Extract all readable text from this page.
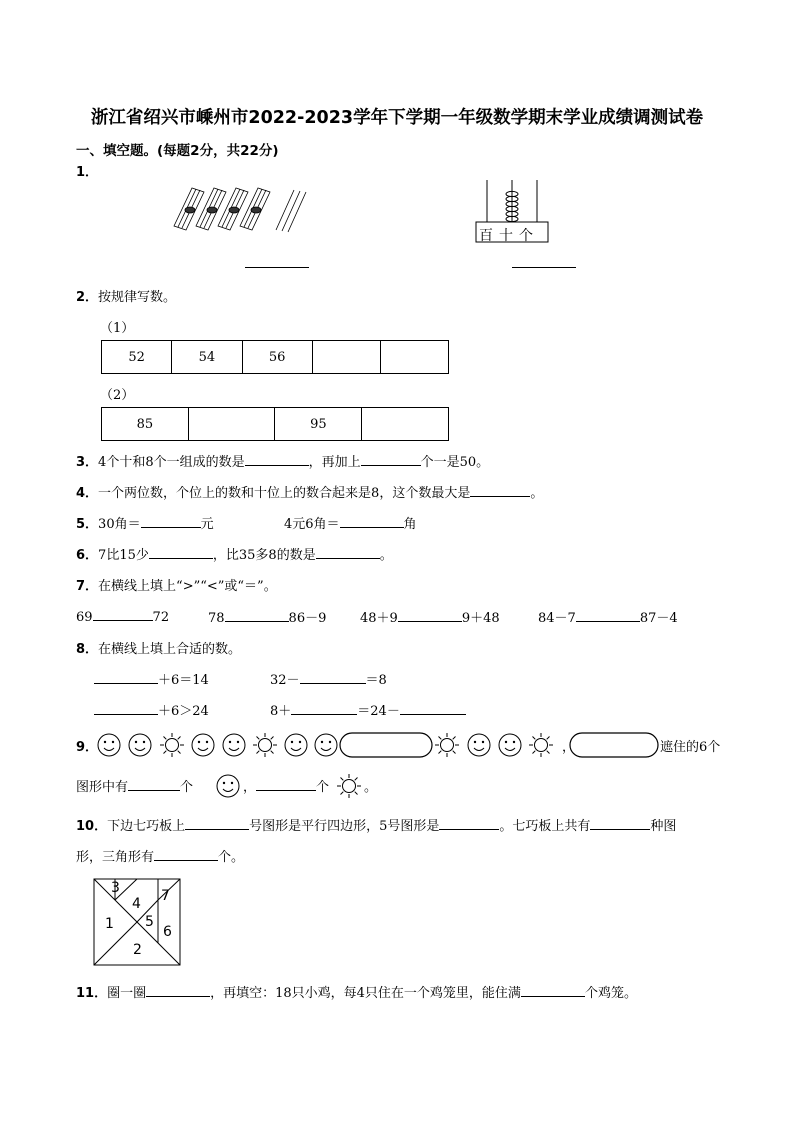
浙江省绍兴市嵊州市2022-2023学年下学期一年级数学期末学业成绩调测试卷
一、填空题。(每题2分，共22分)
1．
百十个
2．按规律写数。
（1）
52	54	56		
（2）
85		95	
3．4个十和8个一组成的数是	，再加上	个一是50。
4．一个两位数，个位上的数和十位上的数合起来是8，这个数最大是	。
5．30角＝	元	4元6角＝	角
6．7比15少	，比35多8的数是	。
7．在横线上填上“>”“<”或“＝”。
69	72	78	86－9	48＋9	9＋48	84－7	87－4
8．在横线上填上合适的数。
＋6＝14	32－	＝8
＋6＞24	8＋	＝24－
9．	，	遮住的6个
图形中有	个	，	个	。
10．下边七巧板上	号图形是平行四边形，5号图形是	。七巧板上共有	种图
形，三角形有	个。
3
4 7
1 5
6
2
11．圈一圈	，再填空：18只小鸡，每4只住在一个鸡笼里，能住满	个鸡笼。
